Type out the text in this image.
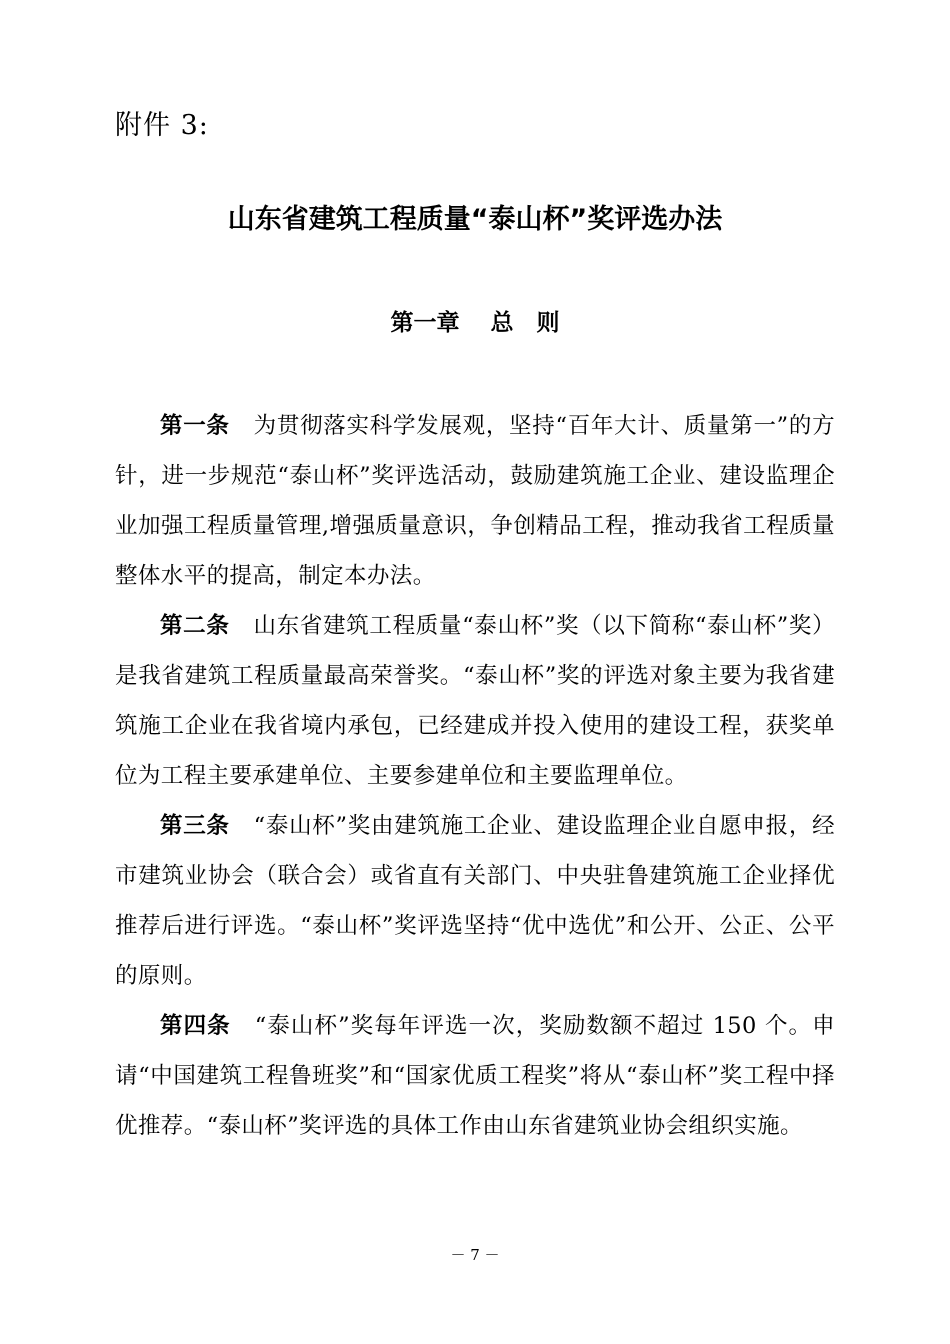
附件 3:
山东省建筑工程质量“泰山杯”奖评选办法
第一章　 总　则

第一条 为贯彻落实科学发展观，坚持“百年大计、质量第一”的方针，进一步规范“泰山杯”奖评选活动，鼓励建筑施工企业、建设监理企业加强工程质量管理,增强质量意识，争创精品工程，推动我省工程质量整体水平的提高，制定本办法。

第二条 山东省建筑工程质量“泰山杯”奖（以下简称“泰山杯”奖）是我省建筑工程质量最高荣誉奖。“泰山杯”奖的评选对象主要为我省建筑施工企业在我省境内承包，已经建成并投入使用的建设工程，获奖单位为工程主要承建单位、主要参建单位和主要监理单位。

第三条 “泰山杯”奖由建筑施工企业、建设监理企业自愿申报，经市建筑业协会（联合会）或省直有关部门、中央驻鲁建筑施工企业择优推荐后进行评选。“泰山杯”奖评选坚持“优中选优”和公开、公正、公平的原则。

第四条 “泰山杯”奖每年评选一次，奖励数额不超过 150 个。申请“中国建筑工程鲁班奖”和“国家优质工程奖”将从“泰山杯”奖工程中择优推荐。“泰山杯”奖评选的具体工作由山东省建筑业协会组织实施。

－ 7 －
